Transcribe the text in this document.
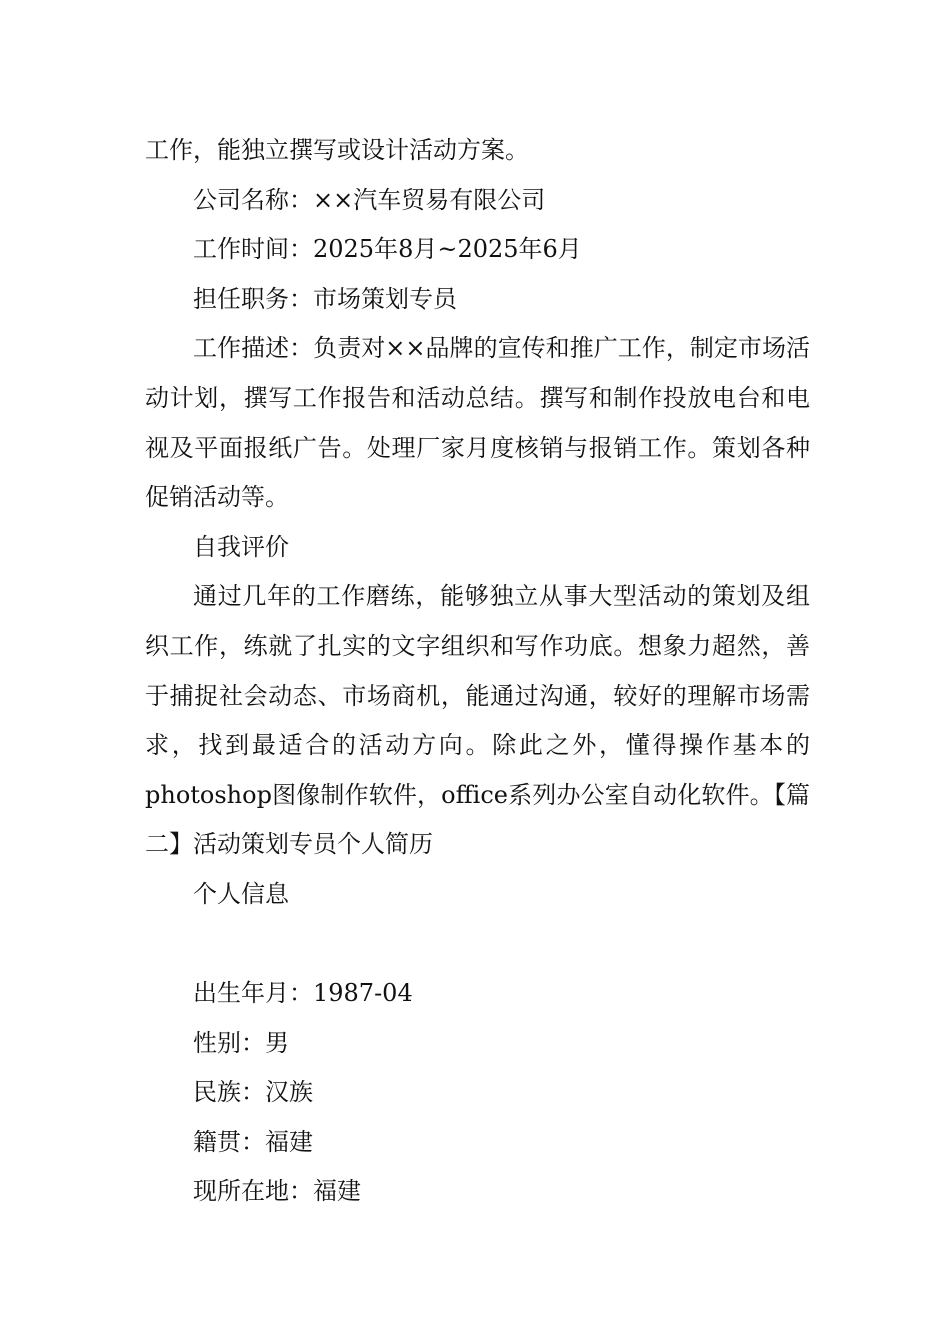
工作，能独立撰写或设计活动方案。

公司名称：××汽车贸易有限公司

工作时间：2025年8月~2025年6月

担任职务：市场策划专员

工作描述：负责对××品牌的宣传和推广工作，制定市场活动计划，撰写工作报告和活动总结。撰写和制作投放电台和电视及平面报纸广告。处理厂家月度核销与报销工作。策划各种促销活动等。

自我评价

通过几年的工作磨练，能够独立从事大型活动的策划及组织工作，练就了扎实的文字组织和写作功底。想象力超然，善于捕捉社会动态、市场商机，能通过沟通，较好的理解市场需求，找到最适合的活动方向。除此之外，懂得操作基本的photoshop图像制作软件，office系列办公室自动化软件。【篇二】活动策划专员个人简历

个人信息

出生年月：1987-04

性别：男

民族：汉族

籍贯：福建

现所在地：福建
